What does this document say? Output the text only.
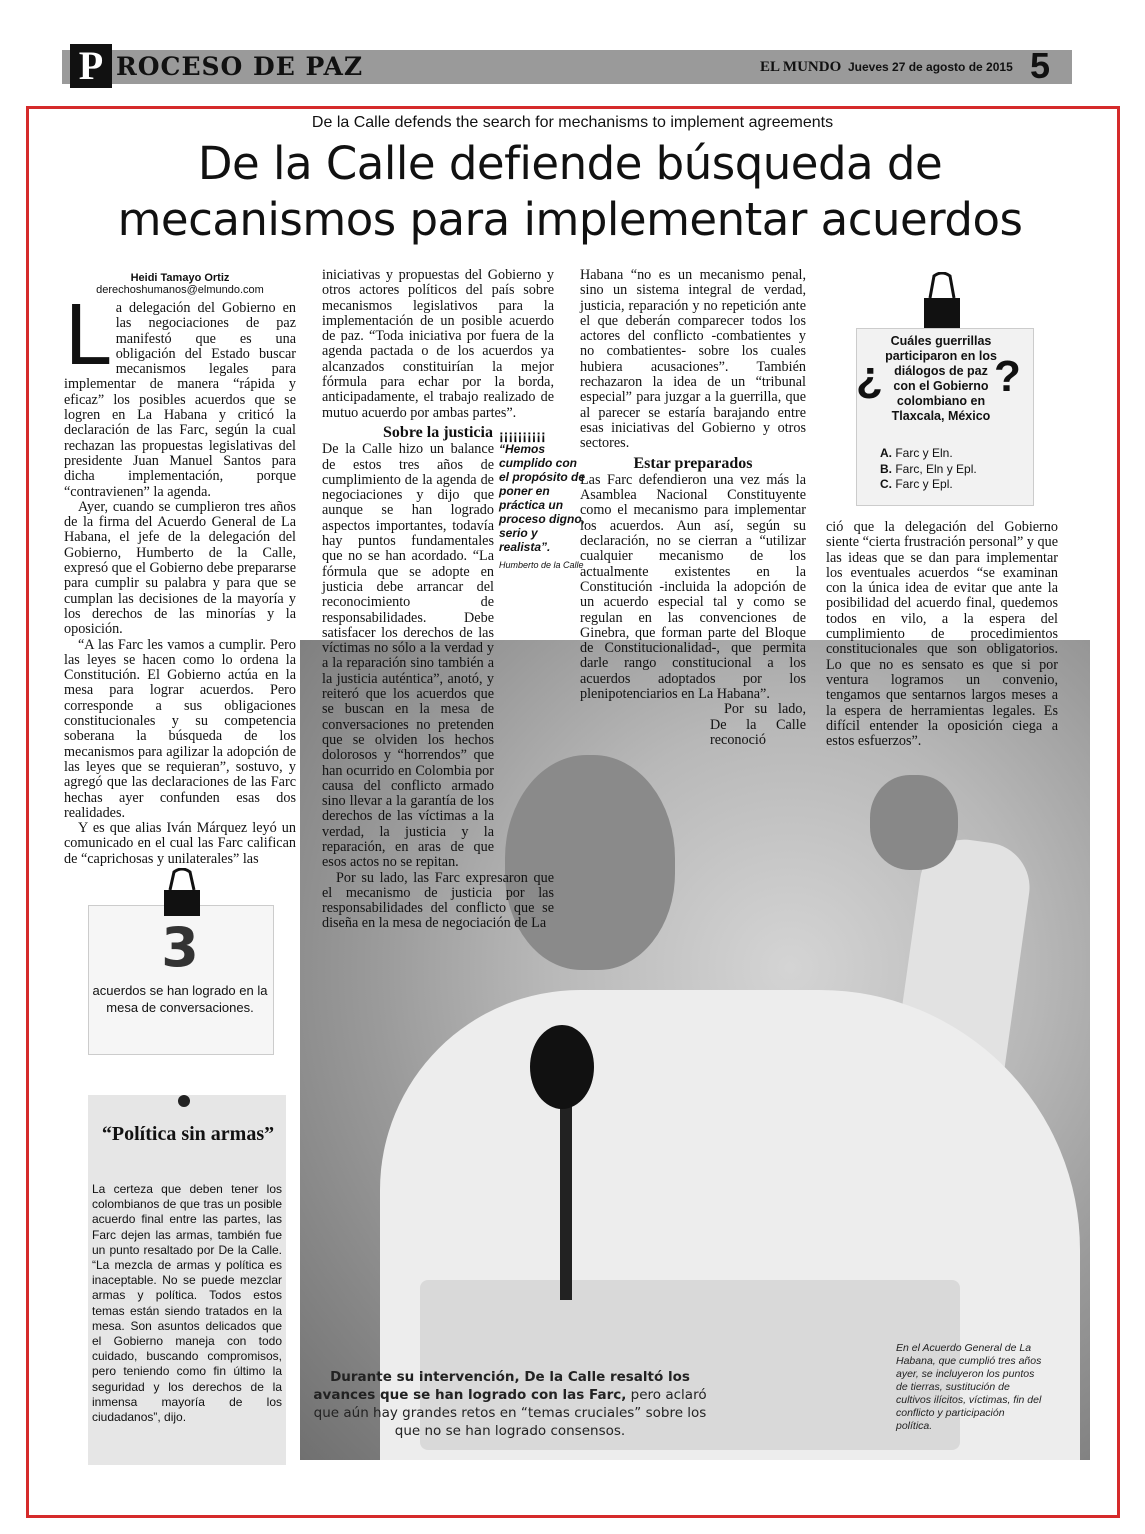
P ROCESO DE PAZ	EL MUNDO Jueves 27 de agosto de 2015 5
De la Calle defends the search for mechanisms to implement agreements
De la Calle defiende búsqueda de
mecanismos para implementar acuerdos
Heidi Tamayo Ortiz
derechoshumanos@elmundo.com
L a delegación del Gobierno en las negociaciones de paz manifestó que es una obligación del Estado buscar mecanismos legales para implementar de manera “rápida y eficaz” los posibles acuerdos que se logren en La Habana y criticó la declaración de las Farc, según la cual rechazan las propuestas legislativas del presidente Juan Manuel Santos para dicha implementación, porque “contravienen” la agenda.

Ayer, cuando se cumplieron tres años de la firma del Acuerdo General de La Habana, el jefe de la delegación del Gobierno, Humberto de la Calle, expresó que el Gobierno debe prepararse para cumplir su palabra y para que se cumplan las decisiones de la mayoría y los derechos de las minorías y la oposición.

“A las Farc les vamos a cumplir. Pero las leyes se hacen como lo ordena la Constitución. El Gobierno actúa en la mesa para lograr acuerdos. Pero corresponde a sus obligaciones constitucionales y su competencia soberana la búsqueda de los mecanismos para agilizar la adopción de las leyes que se requieran”, sostuvo, y agregó que las declaraciones de las Farc hechas ayer confunden esas dos realidades.

Y es que alias Iván Márquez leyó un comunicado en el cual las Farc califican de “caprichosas y unilaterales” las

iniciativas y propuestas del Gobierno y otros actores políticos del país sobre mecanismos legislativos para la implementación de un posible acuerdo de paz. “Toda iniciativa por fuera de la agenda pactada o de los acuerdos ya alcanzados constituirían la mejor fórmula para echar por la borda, anticipadamente, el trabajo realizado de mutuo acuerdo por ambas partes”.

Sobre la justicia

De la Calle hizo un balance de estos tres años de cumplimiento de la agenda de negociaciones y dijo que aunque se han logrado aspectos importantes, todavía hay puntos fundamentales que no se han acordado. “La fórmula que se adopte en justicia debe arrancar del reconocimiento de responsabilidades. Debe satisfacer los derechos de las víctimas no sólo a la verdad y a la reparación sino también a la justicia auténtica”, anotó, y reiteró que los acuerdos que se buscan en la mesa de conversaciones no pretenden que se olviden los hechos dolorosos y “horrendos” que han ocurrido en Colombia por causa del conflicto armado sino llevar a la garantía de los derechos de las víctimas a la verdad, la justicia y la reparación, en aras de que esos actos no se repitan.

Por su lado, las Farc expresaron que el mecanismo de justicia por las responsabilidades del conflicto que se diseña en la mesa de negociación de La

¡¡¡¡¡¡¡¡¡¡
“Hemos cumplido con el propósito de poner en práctica un proceso digno, serio y realista”.
Humberto de la Calle

Habana “no es un mecanismo penal, sino un sistema integral de verdad, justicia, reparación y no repetición ante el que deberán comparecer todos los actores del conflicto -combatientes y no combatientes- sobre los cuales hubiera acusaciones”. También rechazaron la idea de un “tribunal especial” para juzgar a la guerrilla, que al parecer se estaría barajando entre esas iniciativas del Gobierno y otros sectores.

Estar preparados

Las Farc defendieron una vez más la Asamblea Nacional Constituyente como el mecanismo para implementar los acuerdos. Aun así, según su declaración, no se cierran a “utilizar cualquier mecanismo de los actualmente existentes en la Constitución -incluida la adopción de un acuerdo especial tal y como se regulan en las convenciones de Ginebra, que forman parte del Bloque de Constitucionalidad-, que permita darle rango constitucional a los acuerdos adoptados por los plenipotenciarios en La Habana”.

Por su lado, De la Calle reconoció

ció que la delegación del Gobierno siente “cierta frustración personal” y que las ideas que se dan para implementar los eventuales acuerdos “se examinan con la única idea de evitar que ante la posibilidad del acuerdo final, quedemos todos en vilo, a la espera del cumplimiento de procedimientos constitucionales que son obligatorios. Lo que no es sensato es que si por ventura logramos un convenio, tengamos que sentarnos largos meses a la espera de herramientas legales. Es difícil entender la oposición ciega a estos esfuerzos”.

¿	?
Cuáles guerrillas participaron en los diálogos de paz con el Gobierno colombiano en Tlaxcala, México
A. Farc y Eln.
B. Farc, Eln y Epl.
C. Farc y Epl.
3
acuerdos se han logrado en la mesa de conversaciones.
“Política sin armas”
La certeza que deben tener los colombianos de que tras un posible acuerdo final entre las partes, las Farc dejen las armas, también fue un punto resaltado por De la Calle. “La mezcla de armas y política es inaceptable. No se puede mezclar armas y política. Todos estos temas están siendo tratados en la mesa. Son asuntos delicados que el Gobierno maneja con todo cuidado, buscando compromisos, pero teniendo como fin último la seguridad y los derechos de la inmensa mayoría de los ciudadanos”, dijo.
Durante su intervención, De la Calle resaltó los avances que se han logrado con las Farc, pero aclaró que aún hay grandes retos en “temas cruciales” sobre los que no se han logrado consensos.
En el Acuerdo General de La Habana, que cumplió tres años ayer, se incluyeron los puntos de tierras, sustitución de cultivos ilícitos, víctimas, fin del conflicto y participación política.
